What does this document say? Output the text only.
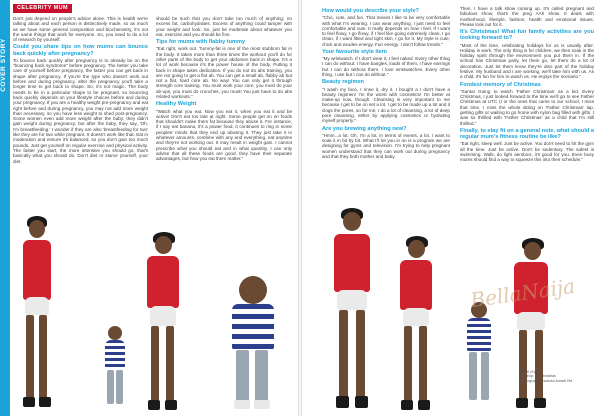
COVER STORY
CELEBRITY MUM

Don't just depend on people's advice alone. This is health we're talking about and each person is distinctively made, so as much as we have some general composition and biochemistry, it's not the same things that work for everyone. So, you need to do a lot of research by yourself.

Could you share tips on how mums can bounce back quickly after pregnancy?

To bounce back quickly after pregnancy is to already be on the "bouncing back syndrome" before pregnancy. The better you take care of yourself before pregnancy, the faster you can get back in shape after pregnancy. If you're the type who doesn't work out before and during pregnancy, after the pregnancy you'll take a longer time to get back to shape. So, it's not magic. The body needs to be in a particular shape to be pregnant, so bouncing back quickly depends on your lifestyle choices before and during your pregnancy. If you are a healthy weight pre-pregnancy and eat right before and during pregnancy, you may not add more weight than necessary, so you have less weight to shed post-pregnancy. Some women even add more weight after the baby; they didn't gain weight during pregnancy, but after the baby, they say, 'Oh, I'm breastfeeding.' I wonder if they are also 'breastfeeding for two' like they are for two while pregnant. It doesn't work like that. Eat in moderation and ensure it's balanced, so you don't gain too much pounds. Just get yourself on regular exercise and physical activity. The faster you start, the more intensive you should go, that's basically what you should do. Don't diet or starve yourself, your diet

should be such that you don't take too much of anything; no excess fat, carbohydrates. Excess of anything could tamper with your weight and look. So, just be moderate about whatever you eat, exercise and you should be fine.

Tips for mums with flabby tummy

"Eat right, work out. Tummy-fat is one of the most stubborn fat in the body. It takes more than three times the workout you'll do for other parts of the body to get your abdomen back in shape. It's a lot of work because it's the power house of the body. Putting it back in shape takes dedication. If you do not do abs training, you are not going to get a flat ab. You can get a small ab, flabby ab but not a flat, hard core ab. No way! You can only get it through strength core training. You must work your core, you must do your ab-ups, you must do crunches, you must! You just have to do abs related workouts."

Healthy Weight

"Watch what you eat. Now you eat it, when you eat it and be active! Don't eat too late at night. Some people get on on foods that shouldn't make them fat because they abuse it. For instance, if I say eat banana, it's a power food, it continues to ring in some peoples' minds that they end up abusing it. They just take it in whatever amounts, combine with any and everything, eat anytime and they're not working out. It may result in weight gain. I cannot prescribe what you should eat and in what quantity, I can only advise that all these foods are good, they have their separate advantages, but how you eat them matter."

How would you describe your style?

"Chic, cute, and fun. That means I like to be very comfortable with what I'm wearing. I can wear anything. I just need to feel comfortable and cute. It really depends on how I feel. If I want to feel flowy, I go flowy, if I feel like going extremely clean, I go clean, if I want fitted and tight skin, I go for it. My style is cute, chick and exudes energy. Fun energy. I don't follow trends."

Your favourite style item

"My wristwatch. If I don't wear it, I feel naked. Every other thing I can do without. I have bangles, loads of them, I have earrings but I can do without them. I love wristwatches. Every other thing, I use but I can do without."

Beauty regimen

"I wash my face, I rinse it, dry it. I bought a I don't have a beauty regimen! I'm the worst with cosmetics! I'm better at make-up now, though. Cleansing is very important to me because I get to be on set a lot. I get to be made up a lot and it clogs the pores, so for me, I do a lot of cleansing, a lot of deep pore cleansing, either by applying cosmetics or hydrating myself properly."

Are you brewing anything new?

"Hmm...a lot. Oh, I'm a lot, in terms of events, a lot. I want to soak it in bit by bit. What I'll let you in on is a program we are designing for gyms and television. I'm trying to help pregnant women understand that they can work out during pregnancy and that they both mother and baby.

Then, I have a talk show coming up. It's called pregnant and fabulous show, that's the preg AAh show. It deals with motherhood, lifestyle, fashion, health and emotional issues. Please look out for it.

It's Christmas! What fun family activities are you looking forward to?

"Most of the time, celebrating holidays for us is usually after. Holiday is work. The only thing is for children, we then soak in the holiday spirit through the environment you put them in. If the school has Christmas party, let them go, let them do a lot of decoration. Just let them know they're also part of the holiday festive. My husband and I are working, we'll take him with us. As a child, it's fun for him to watch us. He enjoys the scenario."

Fondest memory of Christmas

"Santa! Going to watch 'Father Christmas' as a kid. Every Christmas, I just looked forward to the time we'll go to see Father Christmas at UTC (I or the ones that came to our school, I miss that time. I miss the whole sitting on 'Father Christmas' lap, getting gifts or waiting to go home with nylon bag filled with gifts. I was so thrilled with 'Father Christmas' as a child that I'm still thrilled."

Finally, to stay fit on a general note, what should a regular mum's fitness routine be like?

"Eat right, sleep well. Just be active. You don't need to hit the gym all the time. Just be active. Don't be sedentary. The safest is swimming. Walk, do light aerobics, it's good for you. Even busy mums should find a way to squeeze this into their schedule."

BellaNaija
Outfit | Kaffy
Makeup: Beautroideas
Photography: Isokoko Amadi Obi
